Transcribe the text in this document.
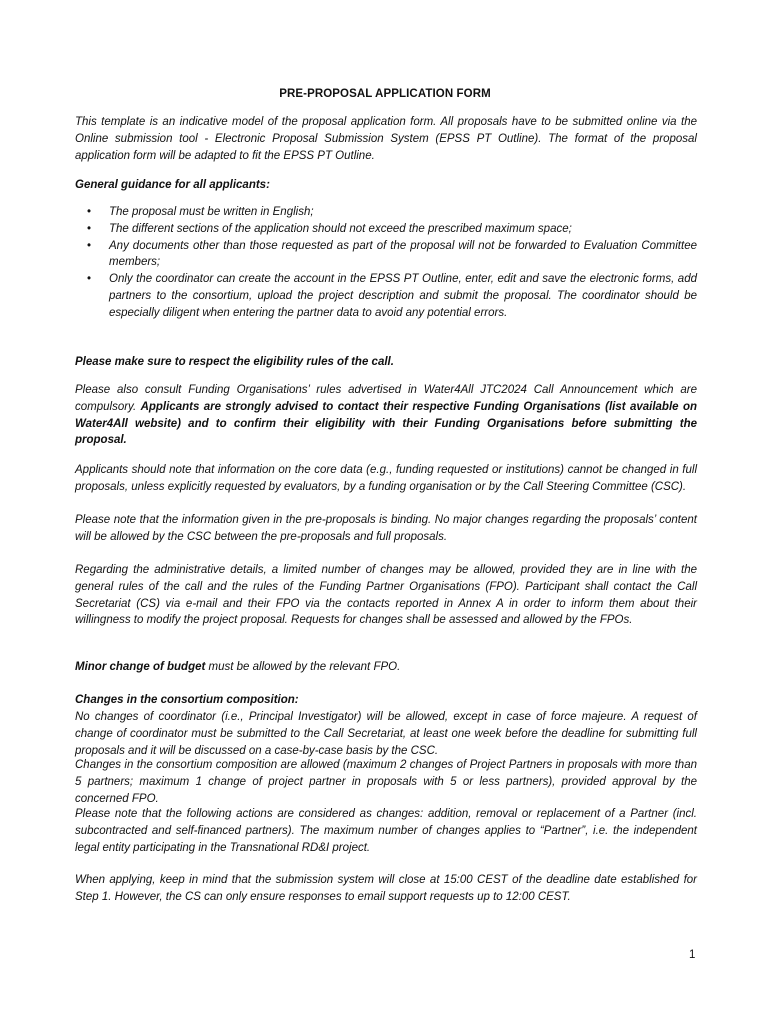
PRE-PROPOSAL APPLICATION FORM

This template is an indicative model of the proposal application form. All proposals have to be submitted online via the Online submission tool - Electronic Proposal Submission System (EPSS PT Outline). The format of the proposal application form will be adapted to fit the EPSS PT Outline.

General guidance for all applicants:

• The proposal must be written in English;
• The different sections of the application should not exceed the prescribed maximum space;
• Any documents other than those requested as part of the proposal will not be forwarded to Evaluation Committee members;
• Only the coordinator can create the account in the EPSS PT Outline, enter, edit and save the electronic forms, add partners to the consortium, upload the project description and submit the proposal. The coordinator should be especially diligent when entering the partner data to avoid any potential errors.

Please make sure to respect the eligibility rules of the call.

Please also consult Funding Organisations’ rules advertised in Water4All JTC2024 Call Announcement which are compulsory. Applicants are strongly advised to contact their respective Funding Organisations (list available on Water4All website) and to confirm their eligibility with their Funding Organisations before submitting the proposal.

Applicants should note that information on the core data (e.g., funding requested or institutions) cannot be changed in full proposals, unless explicitly requested by evaluators, by a funding organisation or by the Call Steering Committee (CSC).

Please note that the information given in the pre-proposals is binding. No major changes regarding the proposals’ content will be allowed by the CSC between the pre-proposals and full proposals.

Regarding the administrative details, a limited number of changes may be allowed, provided they are in line with the general rules of the call and the rules of the Funding Partner Organisations (FPO). Participant shall contact the Call Secretariat (CS) via e-mail and their FPO via the contacts reported in Annex A in order to inform them about their willingness to modify the project proposal. Requests for changes shall be assessed and allowed by the FPOs.

Minor change of budget must be allowed by the relevant FPO.

Changes in the consortium composition:

No changes of coordinator (i.e., Principal Investigator) will be allowed, except in case of force majeure. A request of change of coordinator must be submitted to the Call Secretariat, at least one week before the deadline for submitting full proposals and it will be discussed on a case-by-case basis by the CSC.

Changes in the consortium composition are allowed (maximum 2 changes of Project Partners in proposals with more than 5 partners; maximum 1 change of project partner in proposals with 5 or less partners), provided approval by the concerned FPO.

Please note that the following actions are considered as changes: addition, removal or replacement of a Partner (incl. subcontracted and self-financed partners). The maximum number of changes applies to “Partner”, i.e. the independent legal entity participating in the Transnational RD&I project.

When applying, keep in mind that the submission system will close at 15:00 CEST of the deadline date established for Step 1. However, the CS can only ensure responses to email support requests up to 12:00 CEST.

1
